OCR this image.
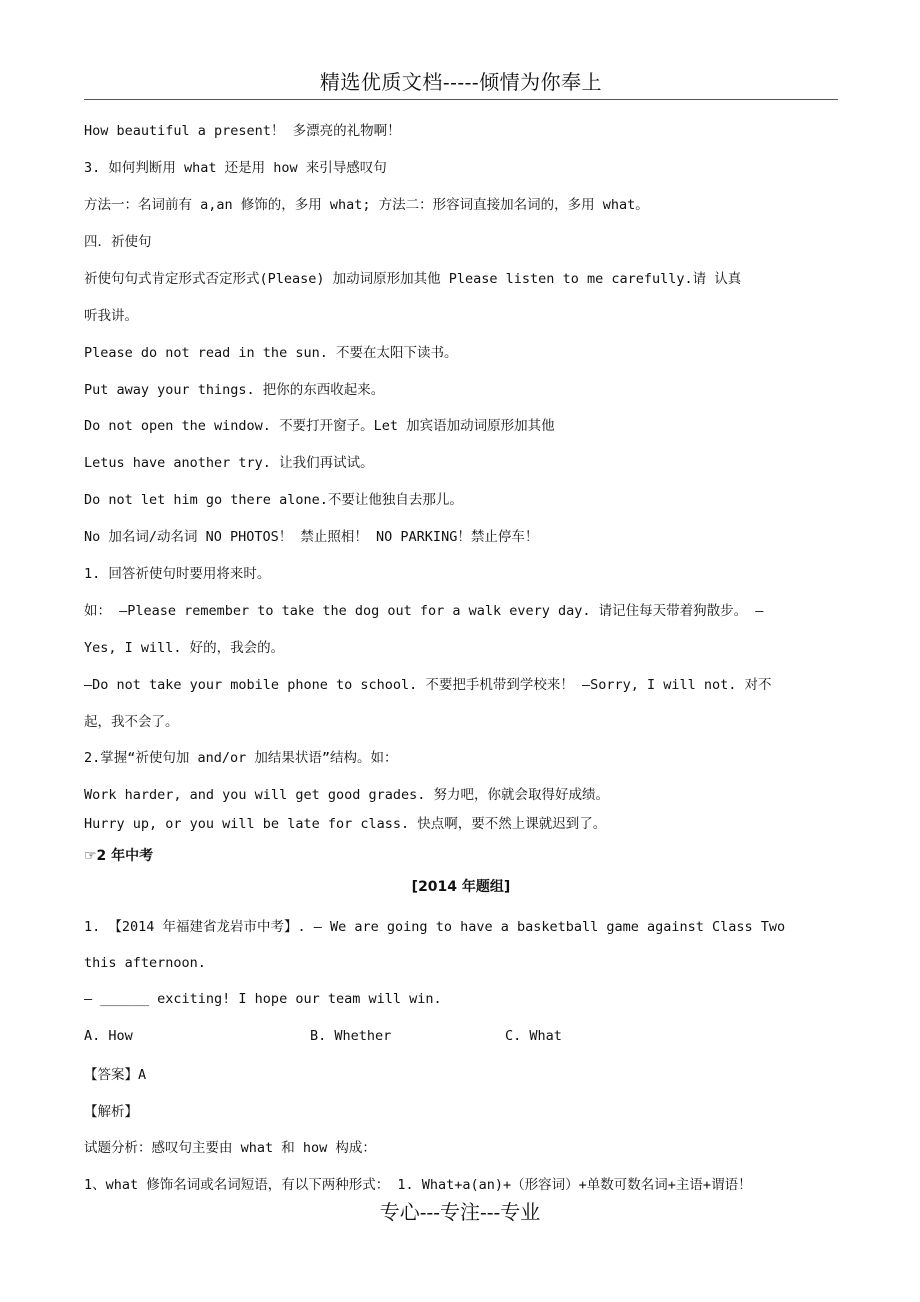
精选优质文档-----倾情为你奉上
How beautiful a present！ 多漂亮的礼物啊！
3. 如何判断用 what 还是用 how 来引导感叹句
方法一：名词前有 a,an 修饰的，多用 what; 方法二：形容词直接加名词的，多用 what。
四．祈使句
祈使句句式肯定形式否定形式(Please) 加动词原形加其他 Please listen to me carefully.请 认真
听我讲。
Please do not read in the sun. 不要在太阳下读书。
Put away your things. 把你的东西收起来。
Do not open the window. 不要打开窗子。Let 加宾语加动词原形加其他
Letus have another try. 让我们再试试。
Do not let him go there alone.不要让他独自去那儿。
No 加名词/动名词 NO PHOTOS！ 禁止照相！ NO PARKING！禁止停车！
1. 回答祈使句时要用将来时。
如： —Please remember to take the dog out for a walk every day. 请记住每天带着狗散步。 —
Yes, I will. 好的，我会的。
—Do not take your mobile phone to school. 不要把手机带到学校来！ —Sorry, I will not. 对不
起，我不会了。
2.掌握“祈使句加 and/or 加结果状语”结构。如：
Work harder, and you will get good grades. 努力吧，你就会取得好成绩。
Hurry up, or you will be late for class. 快点啊，要不然上课就迟到了。
☞2 年中考
[2014 年题组]
1. 【2014 年福建省龙岩市中考】. — We are going to have a basketball game against Class Two
this afternoon.
— ______ exciting! I hope our team will win.
A. How	B. Whether	C. What
【答案】A
【解析】
试题分析：感叹句主要由 what 和 how 构成：
1、what 修饰名词或名词短语，有以下两种形式： 1. What+a(an)+（形容词）+单数可数名词+主语+谓语！
专心---专注---专业
